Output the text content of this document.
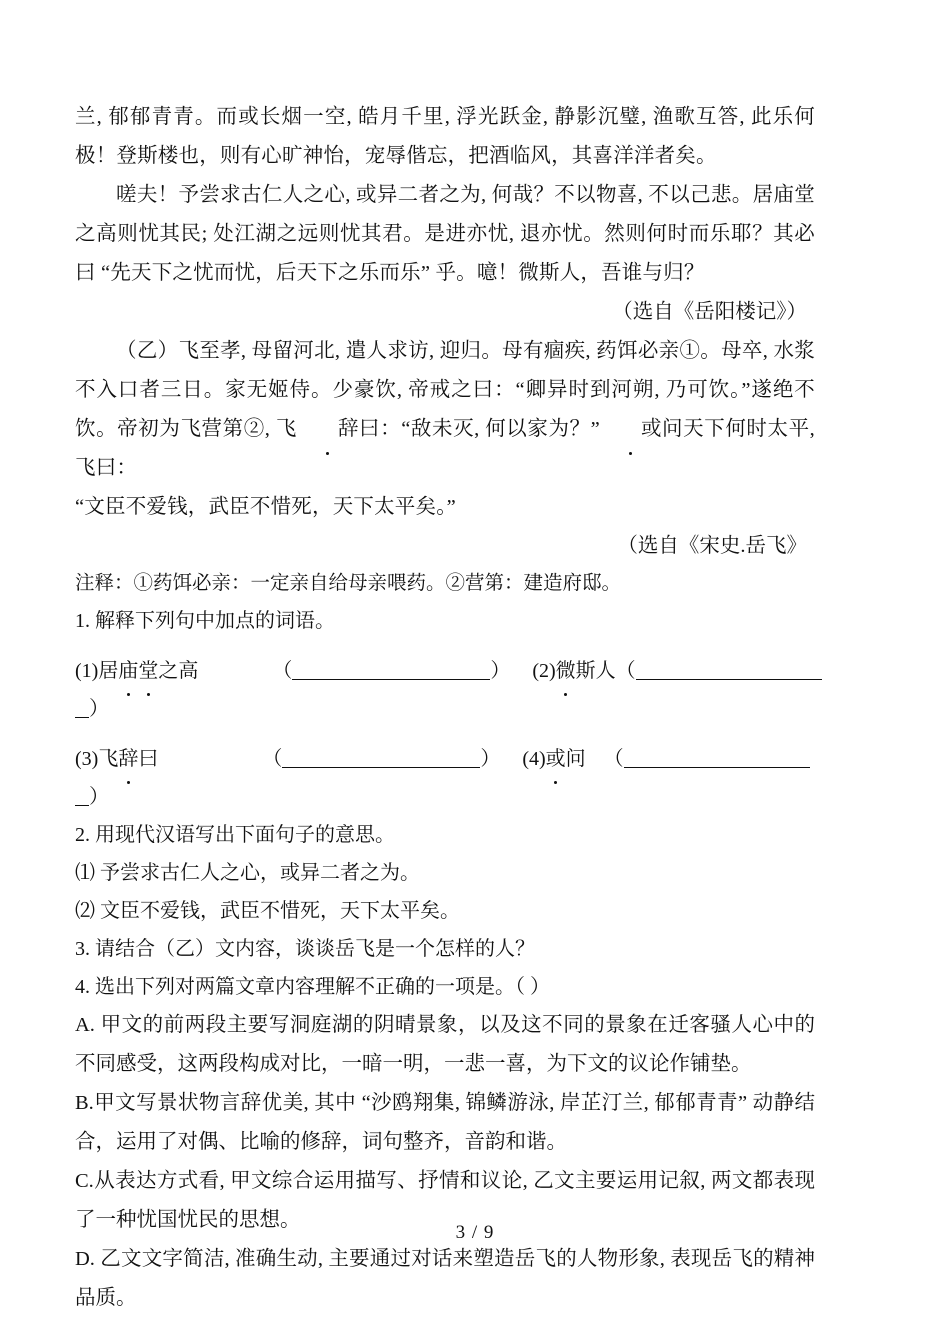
兰, 郁郁青青。而或长烟一空, 皓月千里, 浮光跃金, 静影沉璧, 渔歌互答, 此乐何极！登斯楼也，则有心旷神怡，宠辱偕忘，把酒临风，其喜洋洋者矣。

嗟夫！予尝求古仁人之心, 或异二者之为, 何哉？不以物喜, 不以己悲。居庙堂之高则忧其民; 处江湖之远则忧其君。是进亦忧, 退亦忧。然则何时而乐耶？其必曰 “先天下之忧而忧，后天下之乐而乐” 乎。噫！微斯人，吾谁与归？

（选自《岳阳楼记》）

（乙）飞至孝, 母留河北, 遣人求访, 迎归。母有痼疾, 药饵必亲①。母卒, 水浆不入口者三日。家无姬侍。少豪饮, 帝戒之曰：“卿异时到河朔, 乃可饮。”遂绝不饮。帝初为飞营第②, 飞 辞曰：“敌未灭, 何以家为？” 或问天下何时太平, 飞曰：

“文臣不爱钱，武臣不惜死，天下太平矣。”

（选自《宋史.岳飞》

注释：①药饵必亲：一定亲自给母亲喂药。②营第：建造府邸。

1. 解释下列句中加点的词语。

(1)居庙堂之高	（	） (2)微斯人（

）

(3)飞辞曰	（	） (4)或问 （

）

2. 用现代汉语写出下面句子的意思。

⑴ 予尝求古仁人之心，或异二者之为。

⑵ 文臣不爱钱，武臣不惜死，天下太平矣。

3. 请结合（乙）文内容，谈谈岳飞是一个怎样的人？

4. 选出下列对两篇文章内容理解不正确的一项是。（ ）

A. 甲文的前两段主要写洞庭湖的阴晴景象，以及这不同的景象在迁客骚人心中的不同感受，这两段构成对比，一暗一明，一悲一喜，为下文的议论作铺垫。

B.甲文写景状物言辞优美, 其中 “沙鸥翔集, 锦鳞游泳, 岸芷汀兰, 郁郁青青” 动静结合，运用了对偶、比喻的修辞，词句整齐，音韵和谐。

C.从表达方式看, 甲文综合运用描写、抒情和议论, 乙文主要运用记叙, 两文都表现了一种忧国忧民的思想。

D. 乙文文字简洁, 准确生动, 主要通过对话来塑造岳飞的人物形象, 表现岳飞的精神品质。

3 / 9
